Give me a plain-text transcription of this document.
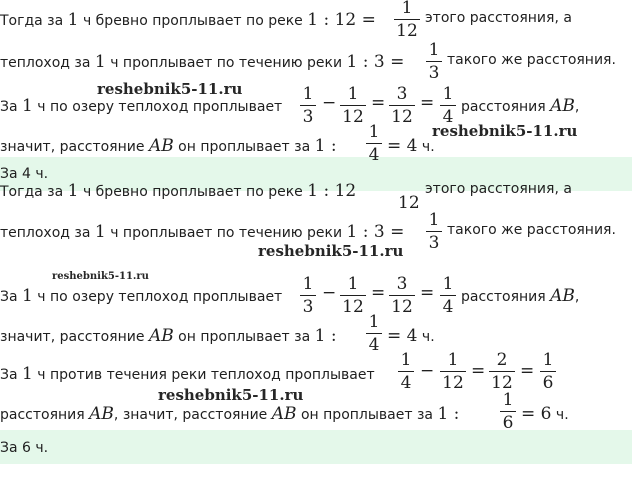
Тогда за 1 ч бревно проплывает по реке 1 : 12 =
1
12
этого расстояния, а
теплоход за 1 ч проплывает по течению реки 1 : 3 =
1
3
такого же расстояния.
За 1 ч по озеру теплоход проплывает
1
3
− 1
12
= 3
12
= 1
4 расстояния AB,
значит, расстояние AB он проплывает за 1 :
1
4 = 4 ч.
За 4 ч.
Тогда за 1 ч бревно проплывает по реке 1 : 12
12
этого расстояния, а
теплоход за 1 ч проплывает по течению реки 1 : 3 =
1
3
такого же расстояния.
За 1 ч по озеру теплоход проплывает
1
3
− 1
12
= 3
12
= 1
4 расстояния AB,
значит, расстояние AB он проплывает за 1 :
1
4 = 4 ч.
За 1 ч против течения реки теплоход проплывает
1
4
−
1
12
=
2
12
=
1
6
расстояния AB, значит, расстояние AB он проплывает за 1 :
1
6 = 6 ч.
За 6 ч.
reshebnik5-11.ru
reshebnik5-11.ru
reshebnik5-11.ru
reshebnik5-11.ru
reshebnik5-11.ru
